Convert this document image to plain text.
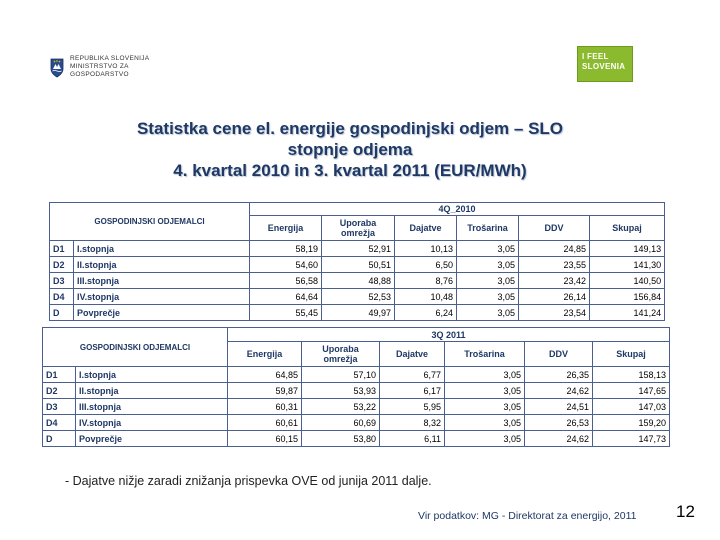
REPUBLIKA SLOVENIJA
MINISTRSTVO ZA
GOSPODARSTVO
I FEEL
SLOVENIA
Statistka cene el. energije gospodinjski odjem – SLO
stopnje odjema
4. kvartal 2010 in 3. kvartal 2011 (EUR/MWh)
GOSPODINJSKI ODJEMALCI		4Q_2010					
		Energija	Uporaba omrežja	Dajatve	Trošarina	DDV	Skupaj
D1	I.stopnja	58,19	52,91	10,13	3,05	24,85	149,13
D2	II.stopnja	54,60	50,51	6,50	3,05	23,55	141,30
D3	III.stopnja	56,58	48,88	8,76	3,05	23,42	140,50
D4	IV.stopnja	64,64	52,53	10,48	3,05	26,14	156,84
D	Povprečje	55,45	49,97	6,24	3,05	23,54	141,24
GOSPODINJSKI ODJEMALCI		3Q 2011					
		Energija	Uporaba omrežja	Dajatve	Trošarina	DDV	Skupaj
D1	I.stopnja	64,85	57,10	6,77	3,05	26,35	158,13
D2	II.stopnja	59,87	53,93	6,17	3,05	24,62	147,65
D3	III.stopnja	60,31	53,22	5,95	3,05	24,51	147,03
D4	IV.stopnja	60,61	60,69	8,32	3,05	26,53	159,20
D	Povprečje	60,15	53,80	6,11	3,05	24,62	147,73
- Dajatve nižje zaradi znižanja prispevka OVE od junija 2011 dalje.
Vir podatkov: MG - Direktorat za energijo, 2011 12
